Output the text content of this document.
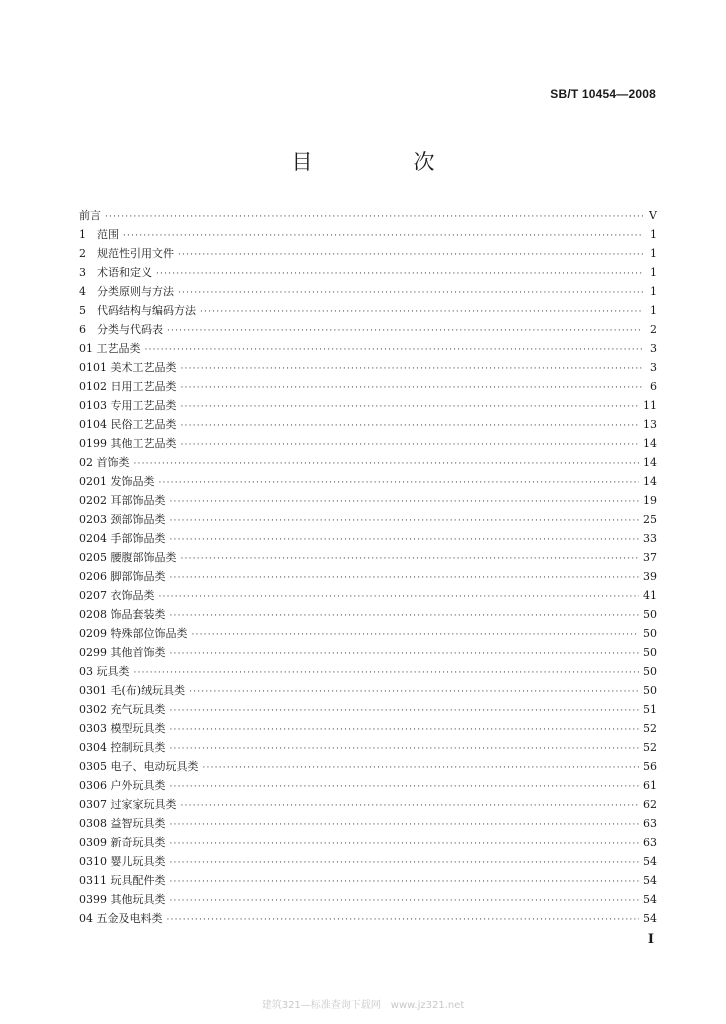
SB/T 10454—2008
目　次
前言 ·····	V
1　范围 ·····	1
2　规范性引用文件 ·····	1
3　术语和定义 ·····	1
4　分类原则与方法 ·····	1
5　代码结构与编码方法 ·····	1
6　分类与代码表 ·····	2
01 工艺品类 ·····	3
0101 美术工艺品类 ·····	3
0102 日用工艺品类 ·····	6
0103 专用工艺品类 ·····	11
0104 民俗工艺品类 ·····	13
0199 其他工艺品类 ·····	14
02 首饰类 ·····	14
0201 发饰品类 ·····	14
0202 耳部饰品类 ·····	19
0203 颈部饰品类 ·····	25
0204 手部饰品类 ·····	33
0205 腰腹部饰品类 ·····	37
0206 脚部饰品类 ·····	39
0207 衣饰品类 ·····	41
0208 饰品套装类 ·····	50
0209 特殊部位饰品类 ·····	50
0299 其他首饰类 ·····	50
03 玩具类 ·····	50
0301 毛(布)绒玩具类 ·····	50
0302 充气玩具类 ·····	51
0303 模型玩具类 ·····	52
0304 控制玩具类 ·····	52
0305 电子、电动玩具类 ·····	56
0306 户外玩具类 ·····	61
0307 过家家玩具类 ·····	62
0308 益智玩具类 ·····	63
0309 新奇玩具类 ·····	63
0310 婴儿玩具类 ·····	54
0311 玩具配件类 ·····	54
0399 其他玩具类 ·····	54
04 五金及电料类 ·····	54
I
建筑321—标准查询下载网　www.jz321.net
